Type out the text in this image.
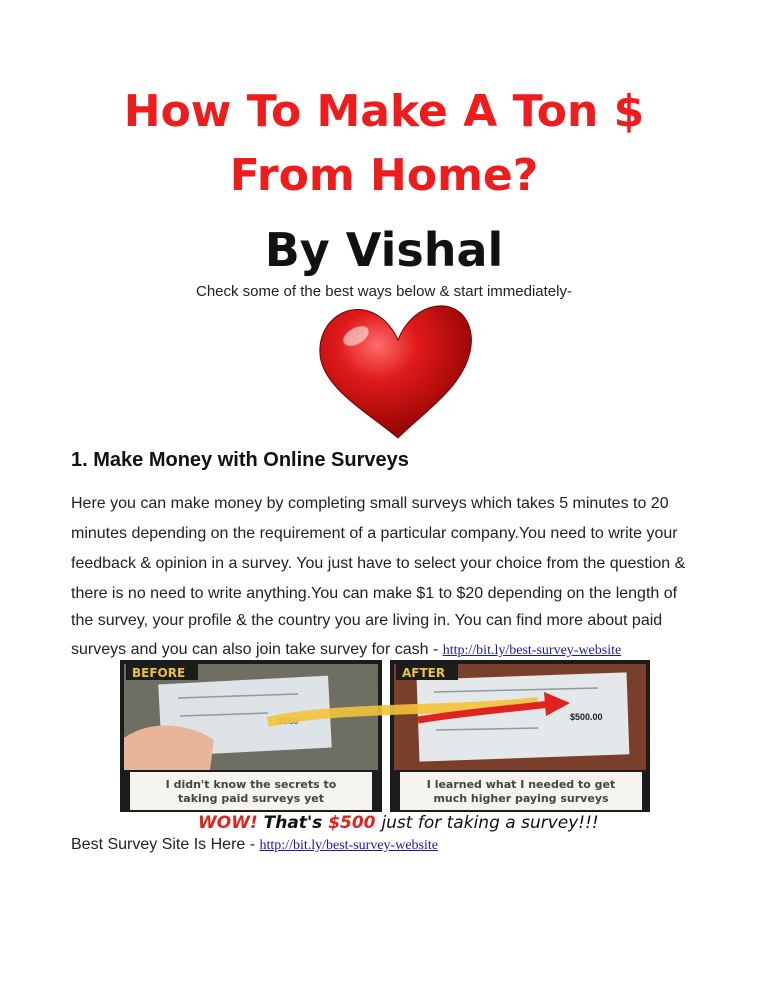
How To Make A Ton $
From Home?
By Vishal
Check some of the best ways below & start immediately-
1. Make Money with Online Surveys
Here you can make money by completing small surveys which takes 5 minutes to 20
minutes depending on the requirement of a particular company.You need to write your
feedback & opinion in a survey. You just have to select your choice from the question &
there is no need to write anything.You can make $1 to $20 depending on the length of
the survey, your profile & the country you are living in. You can find more about paid
surveys and you can also join take survey for cash - http://bit.ly/best-survey-website
BEFORE
$3.00
I didn't know the secrets to
taking paid surveys yet
AFTER
$500.00
I learned what I needed to get
much higher paying surveys
WOW! That's $500 just for taking a survey!!!
Best Survey Site Is Here - http://bit.ly/best-survey-website
